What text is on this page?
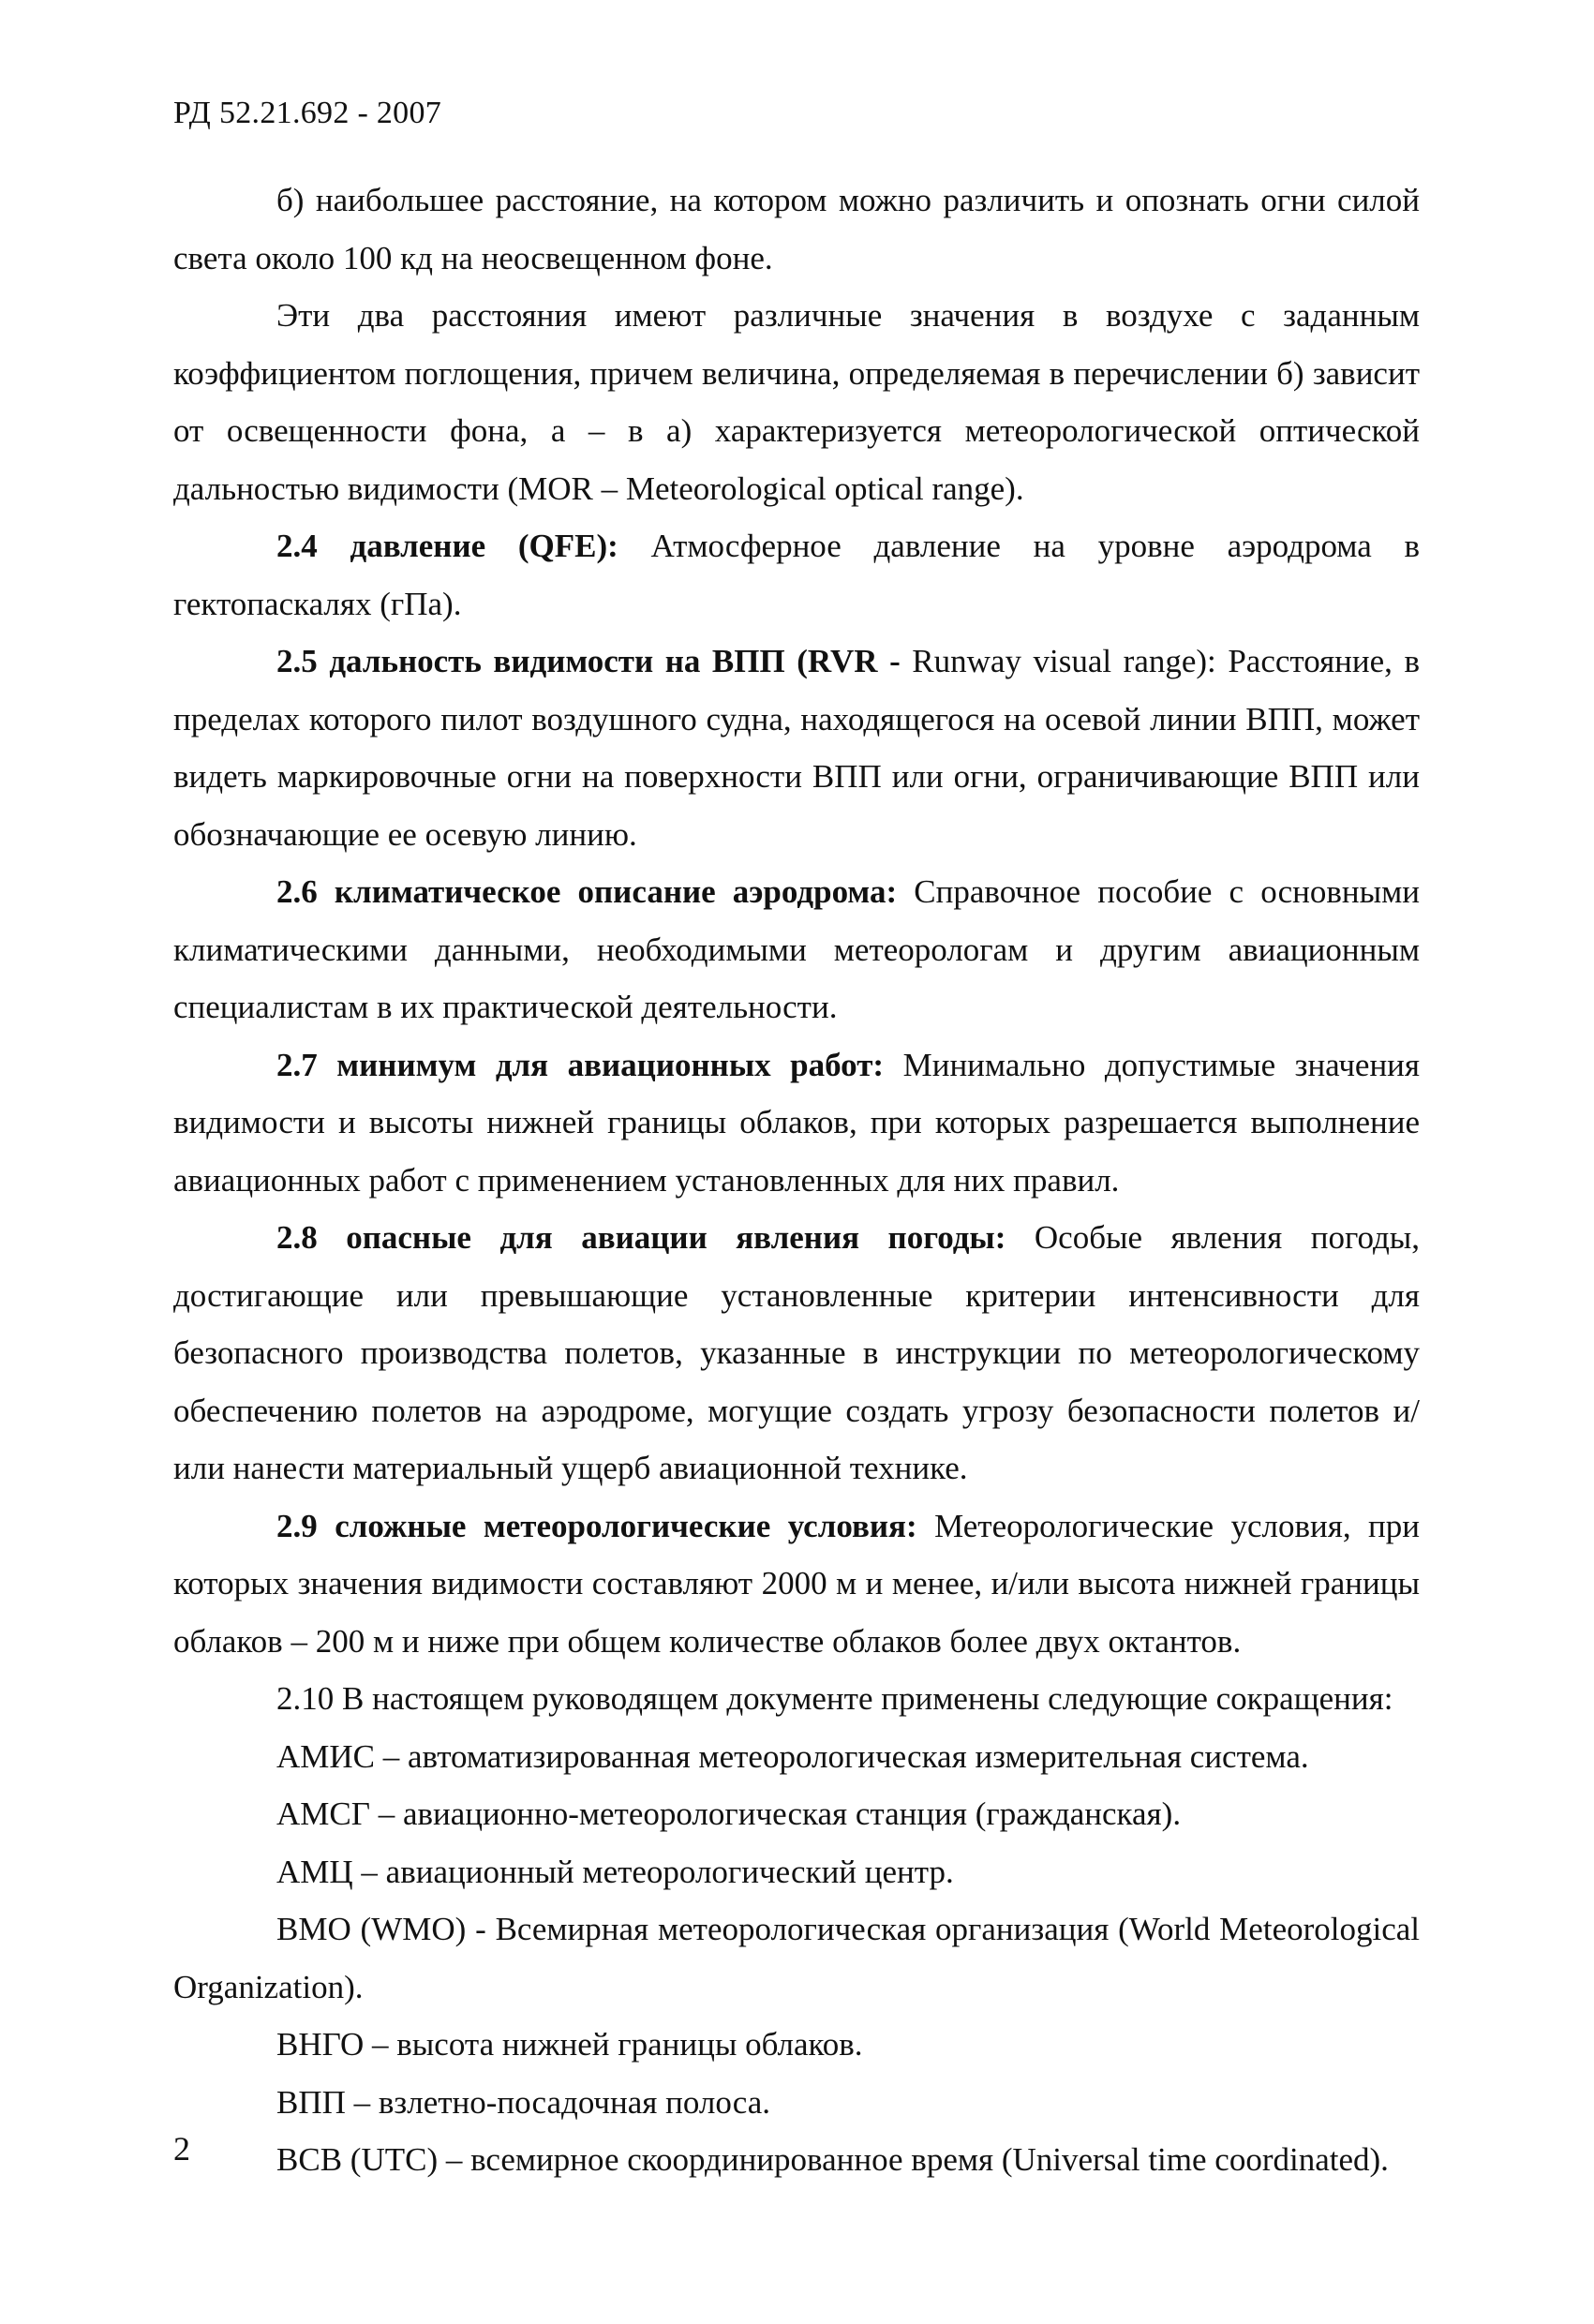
РД 52.21.692 - 2007

б) наибольшее расстояние, на котором можно различить и опознать огни силой света около 100 кд на неосвещенном фоне.

Эти два расстояния имеют различные значения в воздухе с заданным коэффициентом поглощения, причем величина, определяемая в перечислении б) зависит от освещенности фона, а – в а) характеризуется метеорологической оптической дальностью видимости (MOR – Meteorological optical range).

2.4 давление (QFE): Атмосферное давление на уровне аэродрома в гектопаскалях (гПа).

2.5 дальность видимости на ВПП (RVR - Runway visual range): Расстояние, в пределах которого пилот воздушного судна, находящегося на осевой линии ВПП, может видеть маркировочные огни на поверхности ВПП или огни, ограничивающие ВПП или обозначающие ее осевую линию.

2.6 климатическое описание аэродрома: Справочное пособие с основными климатическими данными, необходимыми метеорологам и другим авиационным специалистам в их практической деятельности.

2.7 минимум для авиационных работ: Минимально допустимые значения видимости и высоты нижней границы облаков, при которых разрешается выполнение авиационных работ с применением установленных для них правил.

2.8 опасные для авиации явления погоды: Особые явления погоды, достигающие или превышающие установленные критерии интенсивности для безопасного производства полетов, указанные в инструкции по метеорологическому обеспечению полетов на аэродроме, могущие создать угрозу безопасности полетов и/или нанести материальный ущерб авиационной технике.

2.9 сложные метеорологические условия: Метеорологические условия, при которых значения видимости составляют 2000 м и менее, и/или высота нижней границы облаков – 200 м и ниже при общем количестве облаков более двух октантов.

2.10 В настоящем руководящем документе применены следующие сокращения:

АМИС – автоматизированная метеорологическая измерительная система.

АМСГ – авиационно-метеорологическая станция (гражданская).

АМЦ – авиационный метеорологический центр.

ВМО (WMO) - Всемирная метеорологическая организация (World Meteorological Organization).

ВНГО – высота нижней границы облаков.

ВПП – взлетно-посадочная полоса.

ВСВ (UTC) – всемирное скоординированное время (Universal time coordinated).

2
